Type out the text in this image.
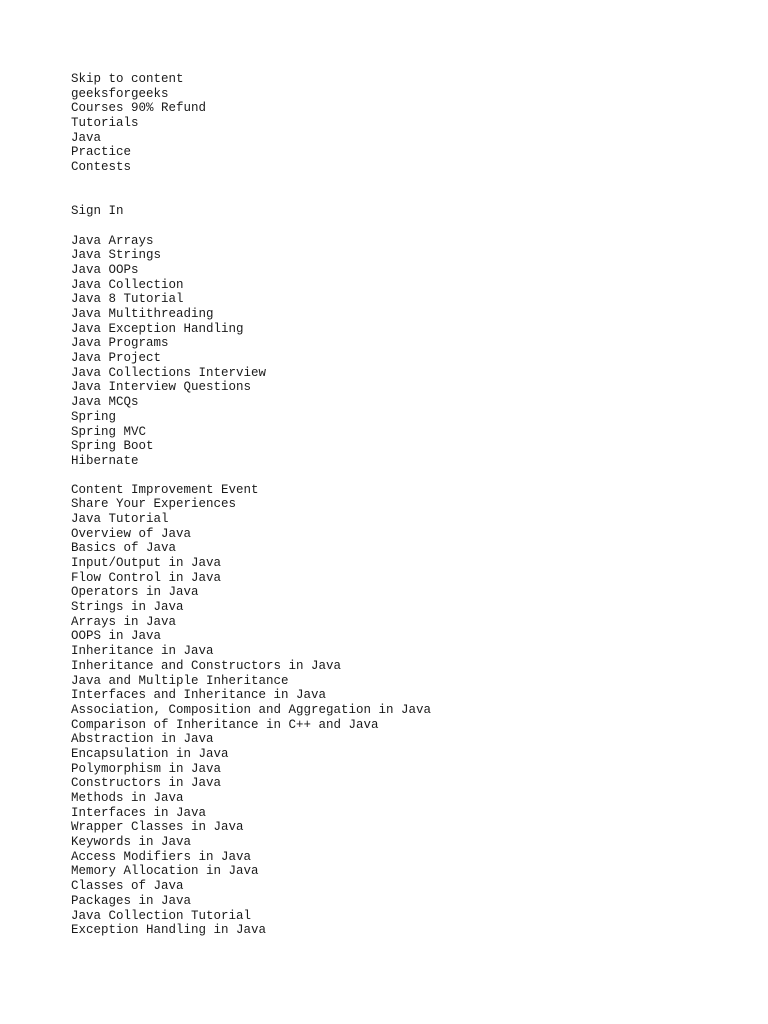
Skip to content
geeksforgeeks
Courses 90% Refund
Tutorials
Java
Practice
Contests
Sign In
Java Arrays
Java Strings
Java OOPs
Java Collection
Java 8 Tutorial
Java Multithreading
Java Exception Handling
Java Programs
Java Project
Java Collections Interview
Java Interview Questions
Java MCQs
Spring
Spring MVC
Spring Boot
Hibernate
Content Improvement Event
Share Your Experiences
Java Tutorial
Overview of Java
Basics of Java
Input/Output in Java
Flow Control in Java
Operators in Java
Strings in Java
Arrays in Java
OOPS in Java
Inheritance in Java
Inheritance and Constructors in Java
Java and Multiple Inheritance
Interfaces and Inheritance in Java
Association, Composition and Aggregation in Java
Comparison of Inheritance in C++ and Java
Abstraction in Java
Encapsulation in Java
Polymorphism in Java
Constructors in Java
Methods in Java
Interfaces in Java
Wrapper Classes in Java
Keywords in Java
Access Modifiers in Java
Memory Allocation in Java
Classes of Java
Packages in Java
Java Collection Tutorial
Exception Handling in Java
